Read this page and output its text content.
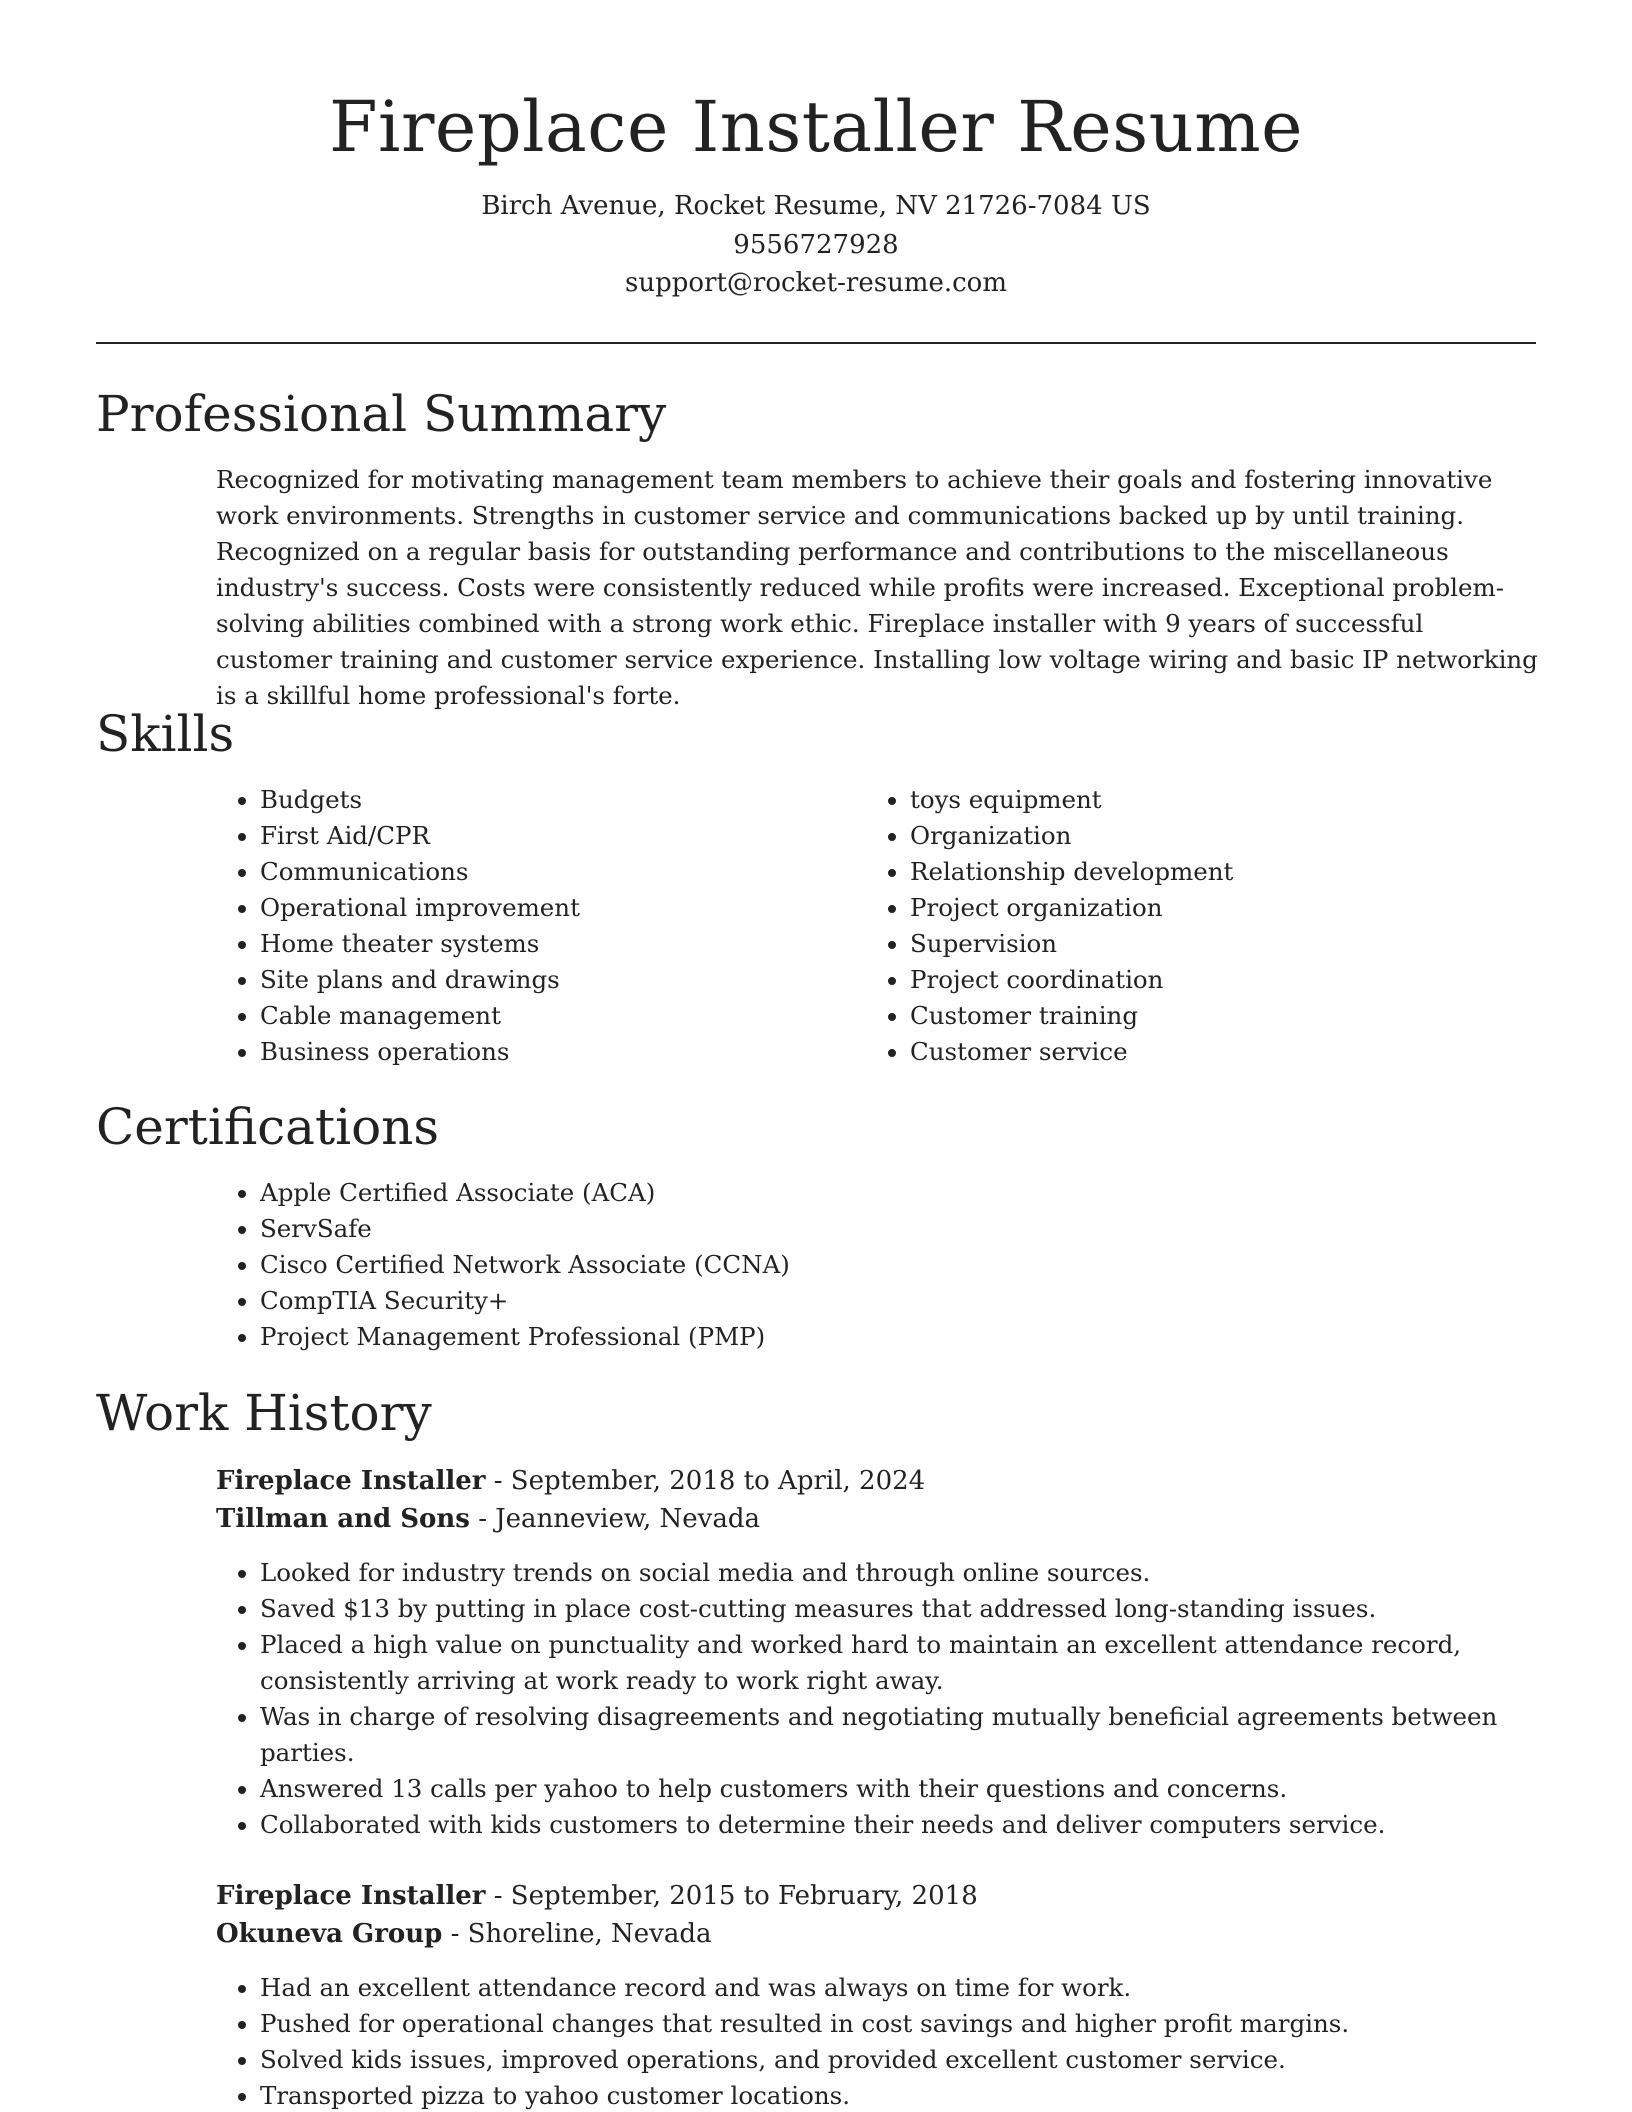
Fireplace Installer Resume
Birch Avenue, Rocket Resume, NV 21726-7084 US
9556727928
support@rocket-resume.com
Professional Summary

Recognized for motivating management team members to achieve their goals and fostering innovative work environments. Strengths in customer service and communications backed up by until training. Recognized on a regular basis for outstanding performance and contributions to the miscellaneous industry's success. Costs were consistently reduced while profits were increased. Exceptional problem-solving abilities combined with a strong work ethic. Fireplace installer with 9 years of successful customer training and customer service experience. Installing low voltage wiring and basic IP networking is a skillful home professional's forte.

Skills
• Budgets
• First Aid/CPR
• Communications
• Operational improvement
• Home theater systems
• Site plans and drawings
• Cable management
• Business operations
• toys equipment
• Organization
• Relationship development
• Project organization
• Supervision
• Project coordination
• Customer training
• Customer service
Certifications
• Apple Certified Associate (ACA)
• ServSafe
• Cisco Certified Network Associate (CCNA)
• CompTIA Security+
• Project Management Professional (PMP)
Work History
Fireplace Installer - September, 2018 to April, 2024
Tillman and Sons - Jeanneview, Nevada
• Looked for industry trends on social media and through online sources.
• Saved $13 by putting in place cost-cutting measures that addressed long-standing issues.
• Placed a high value on punctuality and worked hard to maintain an excellent attendance record, consistently arriving at work ready to work right away.
• Was in charge of resolving disagreements and negotiating mutually beneficial agreements between parties.
• Answered 13 calls per yahoo to help customers with their questions and concerns.
• Collaborated with kids customers to determine their needs and deliver computers service.
Fireplace Installer - September, 2015 to February, 2018
Okuneva Group - Shoreline, Nevada
• Had an excellent attendance record and was always on time for work.
• Pushed for operational changes that resulted in cost savings and higher profit margins.
• Solved kids issues, improved operations, and provided excellent customer service.
• Transported pizza to yahoo customer locations.
